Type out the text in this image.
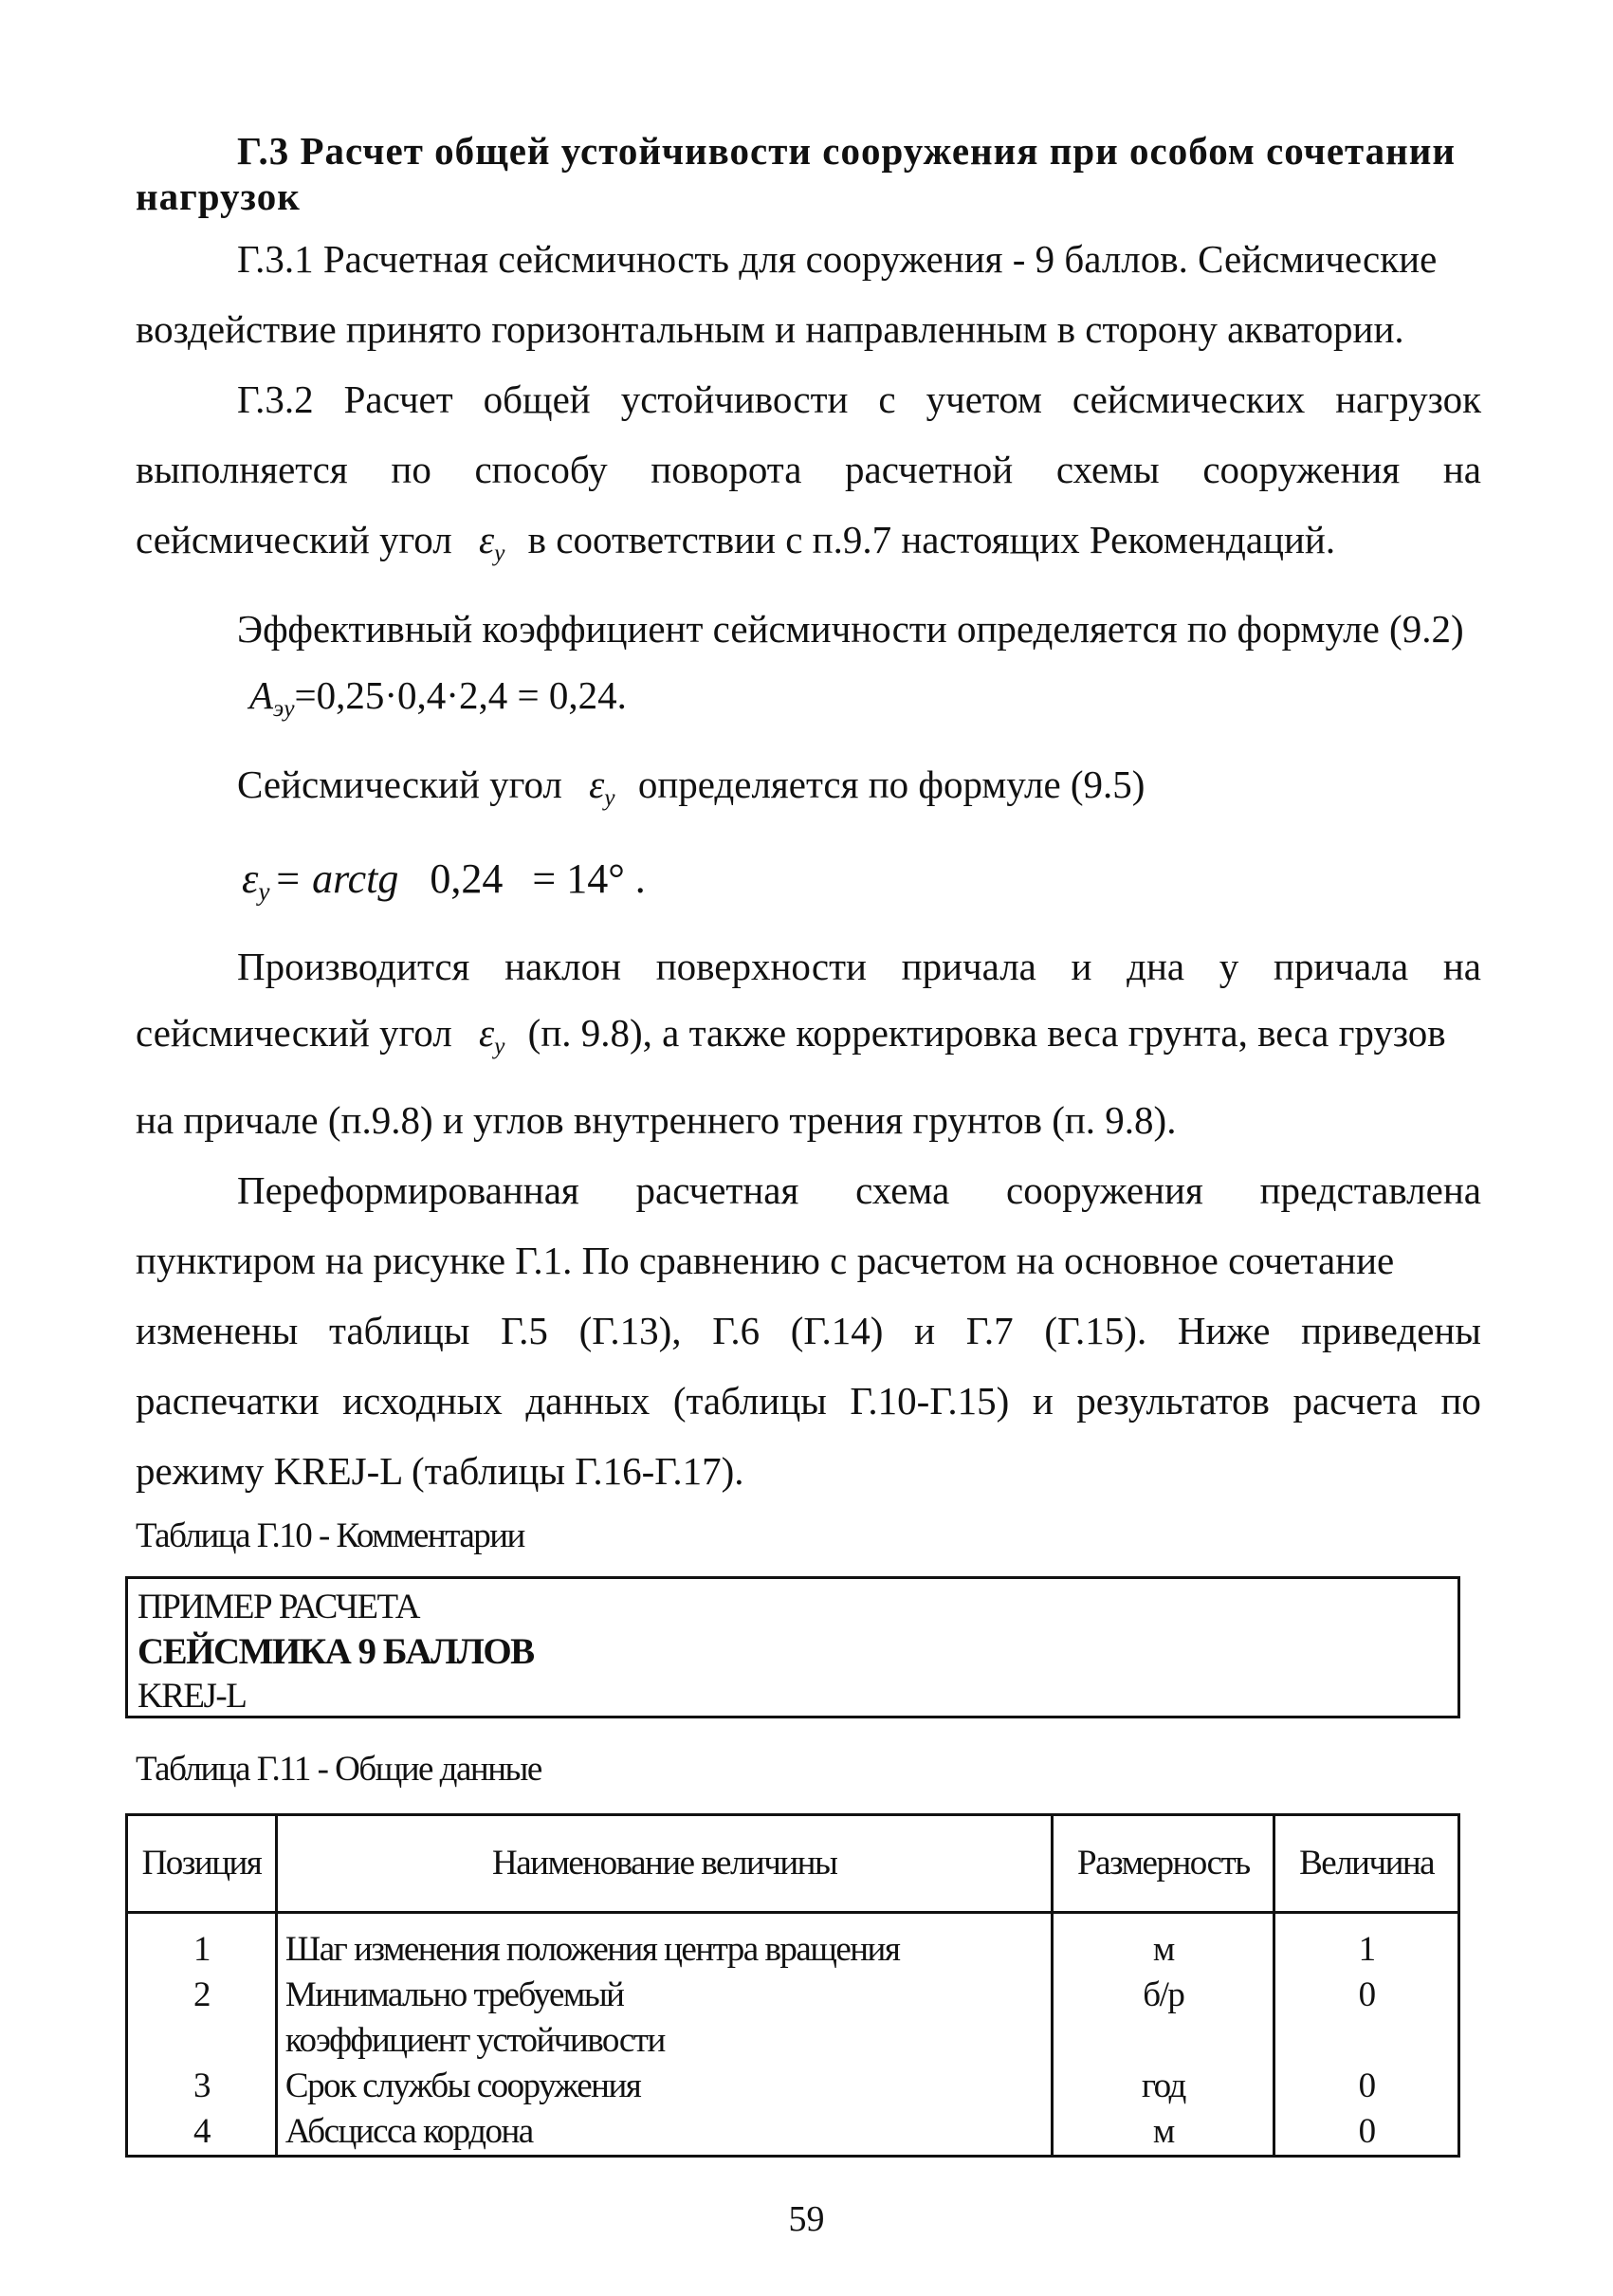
Г.3 Расчет общей устойчивости сооружения при особом сочетании
нагрузок
Г.3.1 Расчетная сейсмичность для сооружения - 9 баллов. Сейсмические
воздействие принято горизонтальным и направленным в сторону акватории.
Г.3.2 Расчет общей устойчивости с учетом сейсмических нагрузок
выполняется по способу поворота расчетной схемы сооружения на
сейсмический угол εy в соответствии с п.9.7 настоящих Рекомендаций.
Эффективный коэффициент сейсмичности определяется по формуле (9.2)
Aэу=0,25·0,4·2,4 = 0,24.
Сейсмический угол εy определяется по формуле (9.5)
εy= arctg 0,24 = 14° .
Производится наклон поверхности причала и дна у причала на
сейсмический угол εy (п. 9.8), а также корректировка веса грунта, веса грузов
на причале (п.9.8) и углов внутреннего трения грунтов (п. 9.8).
Переформированная расчетная схема сооружения представлена
пунктиром на рисунке Г.1. По сравнению с расчетом на основное сочетание
изменены таблицы Г.5 (Г.13), Г.6 (Г.14) и Г.7 (Г.15). Ниже приведены
распечатки исходных данных (таблицы Г.10-Г.15) и результатов расчета по
режиму KREJ-L (таблицы Г.16-Г.17).
Таблица Г.10 - Комментарии
ПРИМЕР РАСЧЕТА
СЕЙСМИКА 9 БАЛЛОВ
KREJ-L
Таблица Г.11 - Общие данные
Позиция	Наименование величины	Размерность	Величина
1	Шаг изменения положения центра вращения	м	1
2	Минимально требуемый коэффициент устойчивости	б/р	0
3	Срок службы сооружения	год	0
4	Абсцисса кордона	м	0
59
